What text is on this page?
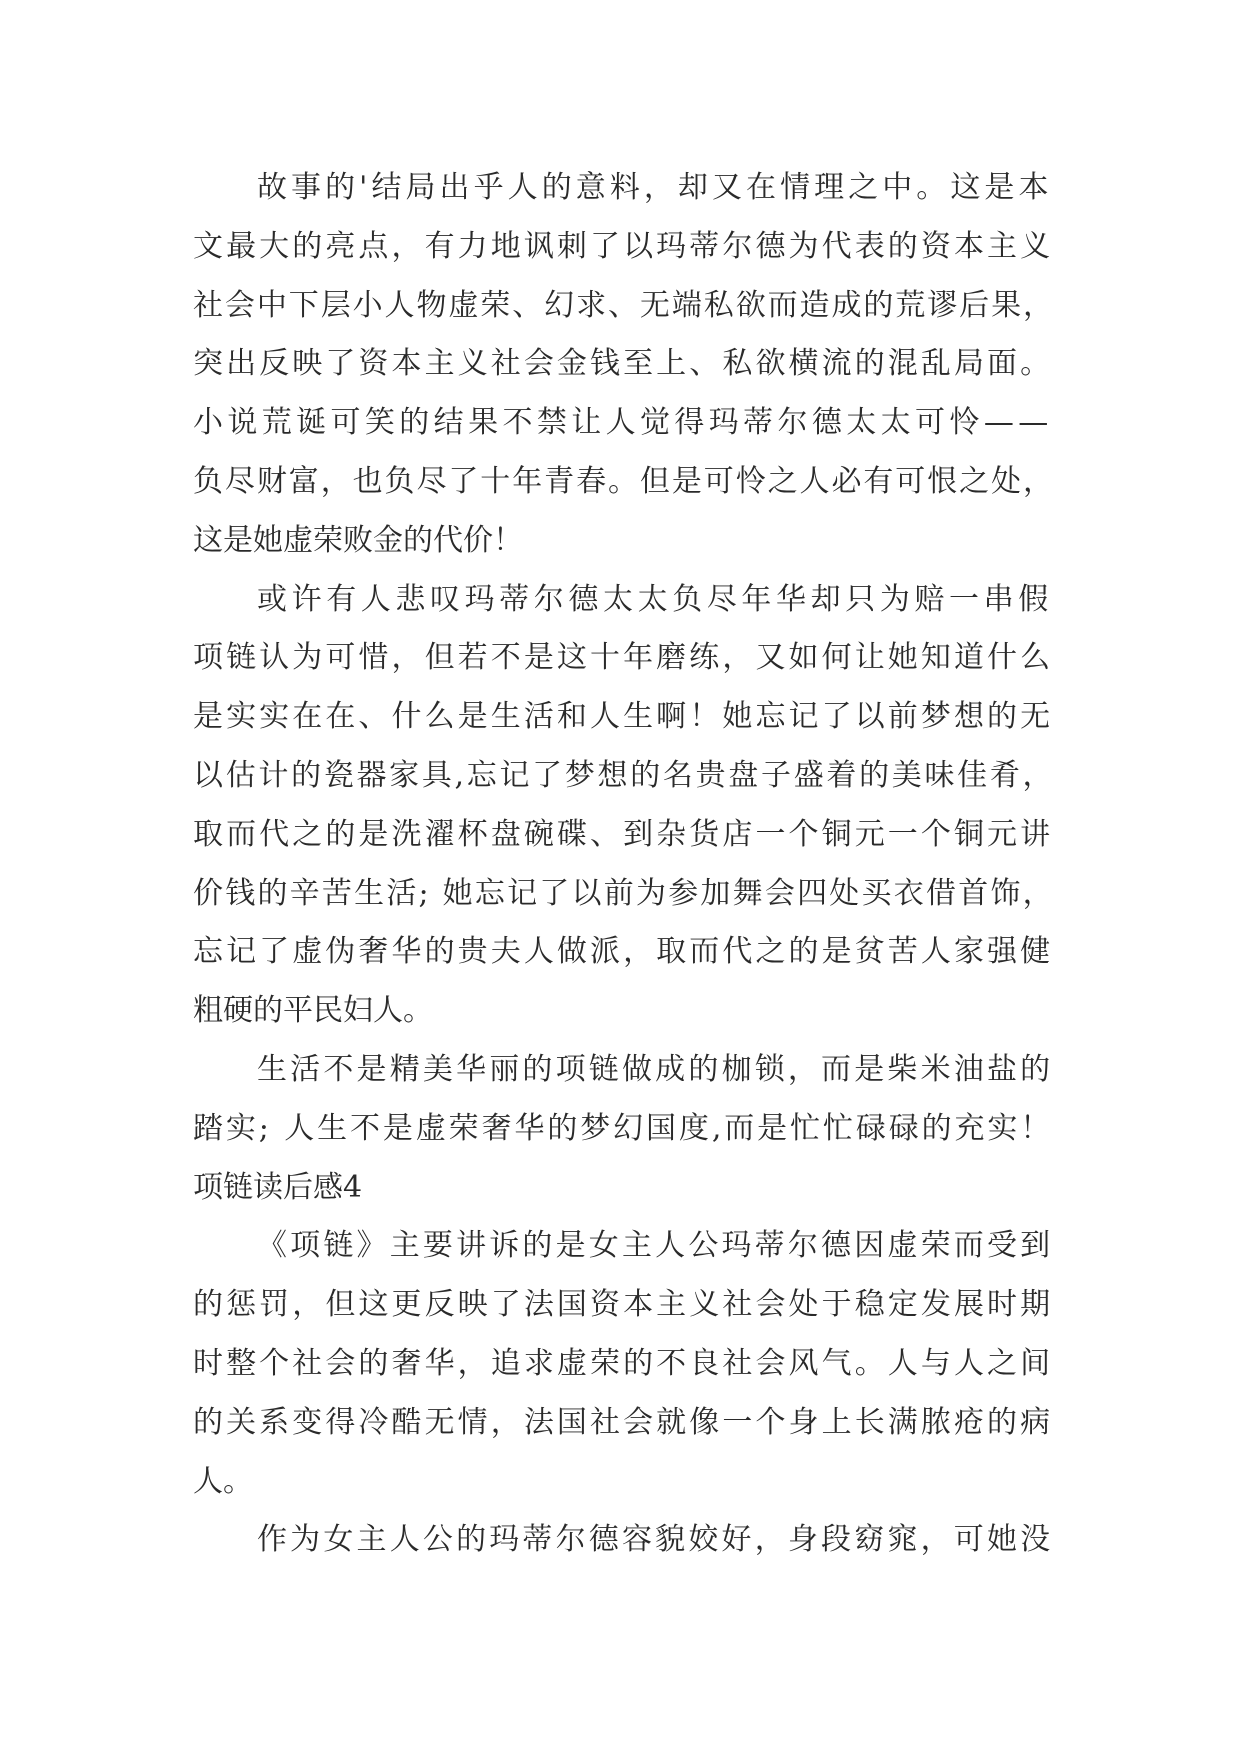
故事的'结局出乎人的意料，却又在情理之中。这是本
文最大的亮点，有力地讽刺了以玛蒂尔德为代表的资本主义
社会中下层小人物虚荣、幻求、无端私欲而造成的荒谬后果，
突出反映了资本主义社会金钱至上、私欲横流的混乱局面。
小说荒诞可笑的结果不禁让人觉得玛蒂尔德太太可怜——
负尽财富，也负尽了十年青春。但是可怜之人必有可恨之处，
这是她虚荣败金的代价！
或许有人悲叹玛蒂尔德太太负尽年华却只为赔一串假
项链认为可惜，但若不是这十年磨练，又如何让她知道什么
是实实在在、什么是生活和人生啊！她忘记了以前梦想的无
以估计的瓷器家具,忘记了梦想的名贵盘子盛着的美味佳肴，
取而代之的是洗濯杯盘碗碟、到杂货店一个铜元一个铜元讲
价钱的辛苦生活; 她忘记了以前为参加舞会四处买衣借首饰，
忘记了虚伪奢华的贵夫人做派，取而代之的是贫苦人家强健
粗硬的平民妇人。
生活不是精美华丽的项链做成的枷锁，而是柴米油盐的
踏实; 人生不是虚荣奢华的梦幻国度,而是忙忙碌碌的充实！
项链读后感4
《项链》主要讲诉的是女主人公玛蒂尔德因虚荣而受到
的惩罚，但这更反映了法国资本主义社会处于稳定发展时期
时整个社会的奢华，追求虚荣的不良社会风气。人与人之间
的关系变得冷酷无情，法国社会就像一个身上长满脓疮的病
人。
作为女主人公的玛蒂尔德容貌姣好，身段窈窕，可她没
